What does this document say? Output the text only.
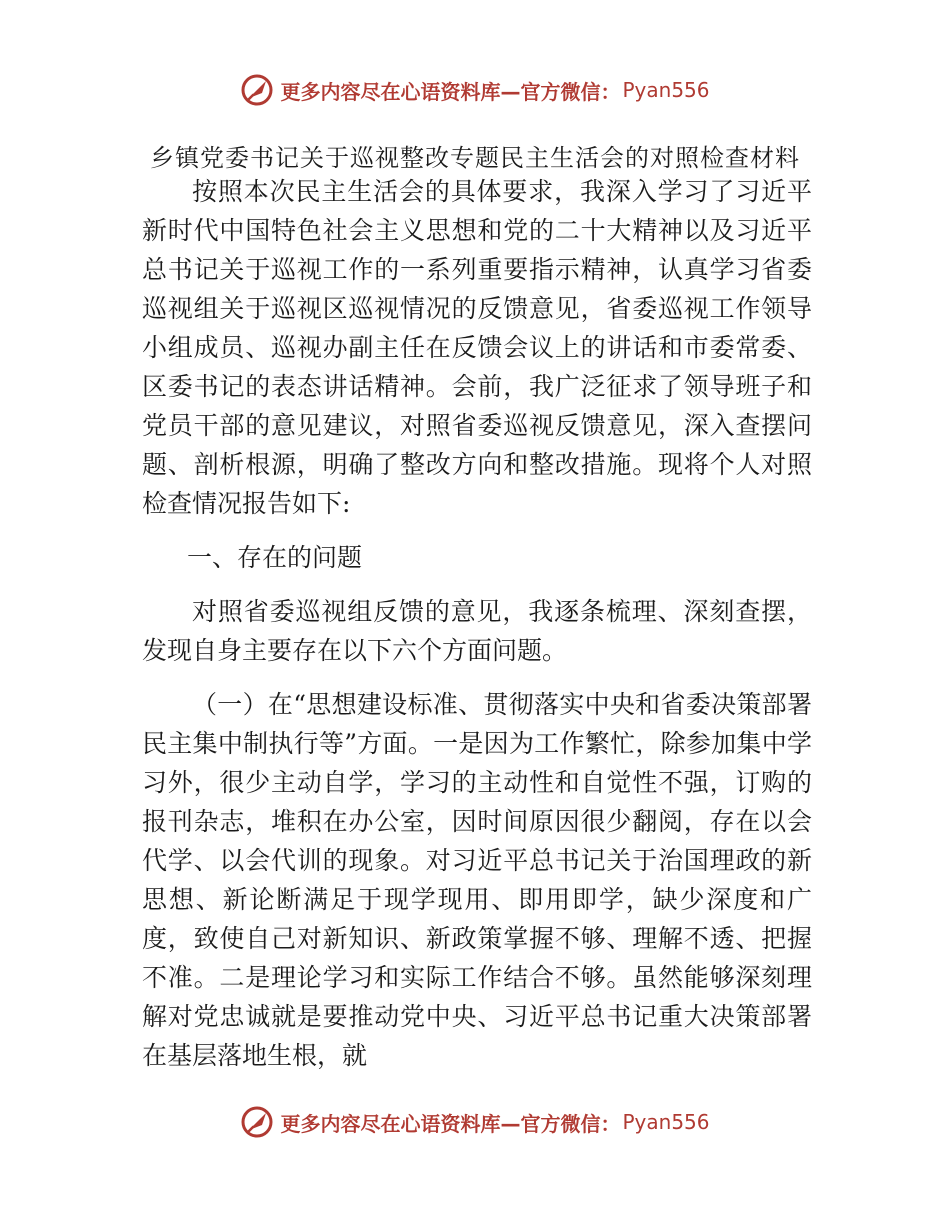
更多内容尽在心语资料库—官方微信： Pyan556
乡镇党委书记关于巡视整改专题民主生活会的对照检查材料

按照本次民主生活会的具体要求，我深入学习了习近平新时代中国特色社会主义思想和党的二十大精神以及习近平总书记关于巡视工作的一系列重要指示精神，认真学习省委巡视组关于巡视区巡视情况的反馈意见，省委巡视工作领导小组成员、巡视办副主任在反馈会议上的讲话和市委常委、区委书记的表态讲话精神。会前，我广泛征求了领导班子和党员干部的意见建议，对照省委巡视反馈意见，深入查摆问题、剖析根源，明确了整改方向和整改措施。现将个人对照检查情况报告如下:

一、存在的问题

对照省委巡视组反馈的意见，我逐条梳理、深刻查摆，发现自身主要存在以下六个方面问题。

（一）在“思想建设标准、贯彻落实中央和省委决策部署民主集中制执行等”方面。一是因为工作繁忙，除参加集中学习外，很少主动自学，学习的主动性和自觉性不强，订购的报刊杂志，堆积在办公室，因时间原因很少翻阅，存在以会代学、以会代训的现象。对习近平总书记关于治国理政的新思想、新论断满足于现学现用、即用即学，缺少深度和广度，致使自己对新知识、新政策掌握不够、理解不透、把握不准。二是理论学习和实际工作结合不够。虽然能够深刻理解对党忠诚就是要推动党中央、习近平总书记重大决策部署在基层落地生根，就

更多内容尽在心语资料库—官方微信： Pyan556
